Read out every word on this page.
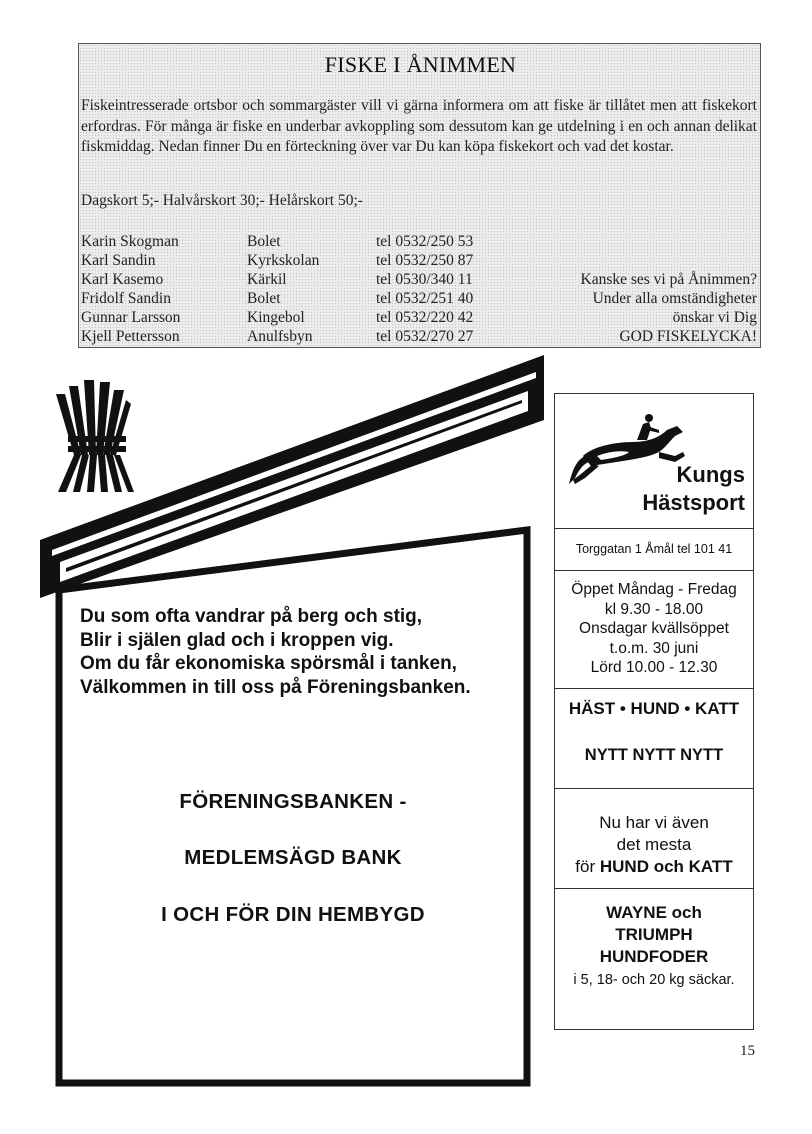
FISKE I ÅNIMMEN
Fiskeintresserade ortsbor och sommargäster vill vi gärna informera om att fiske är tillåtet men att fiskekort erfordras. För många är fiske en underbar avkoppling som dessutom kan ge utdelning i en och annan delikat fiskmiddag. Nedan finner Du en förteckning över var Du kan köpa fiskekort och vad det kostar.
Dagskort 5;- Halvårskort 30;- Helårskort 50;-
Karin Skogman	Bolet	tel 0532/250 53
Karl Sandin	Kyrkskolan	tel 0532/250 87
Karl Kasemo	Kärkil	tel 0530/340 11
Fridolf Sandin	Bolet	tel 0532/251 40
Gunnar Larsson	Kingebol	tel 0532/220 42
Kjell Pettersson	Anulfsbyn	tel 0532/270 27
Kanske ses vi på Ånimmen?
Under alla omständigheter
önskar vi Dig
GOD FISKELYCKA!
Du som ofta vandrar på berg och stig,
Blir i själen glad och i kroppen vig.
Om du får ekonomiska spörsmål i tanken,
Välkommen in till oss på Föreningsbanken.
FÖRENINGSBANKEN -
MEDLEMSÄGD BANK
I OCH FÖR DIN HEMBYGD
Kungs
Hästsport
Torggatan 1 Åmål tel 101 41
Öppet Måndag - Fredag
kl 9.30 - 18.00
Onsdagar kvällsöppet
t.o.m. 30 juni
Lörd 10.00 - 12.30
HÄST • HUND • KATT
NYTT NYTT NYTT
Nu har vi även
det mesta
för HUND och KATT
WAYNE och
TRIUMPH
HUNDFODER
i 5, 18- och 20 kg säckar.
15
